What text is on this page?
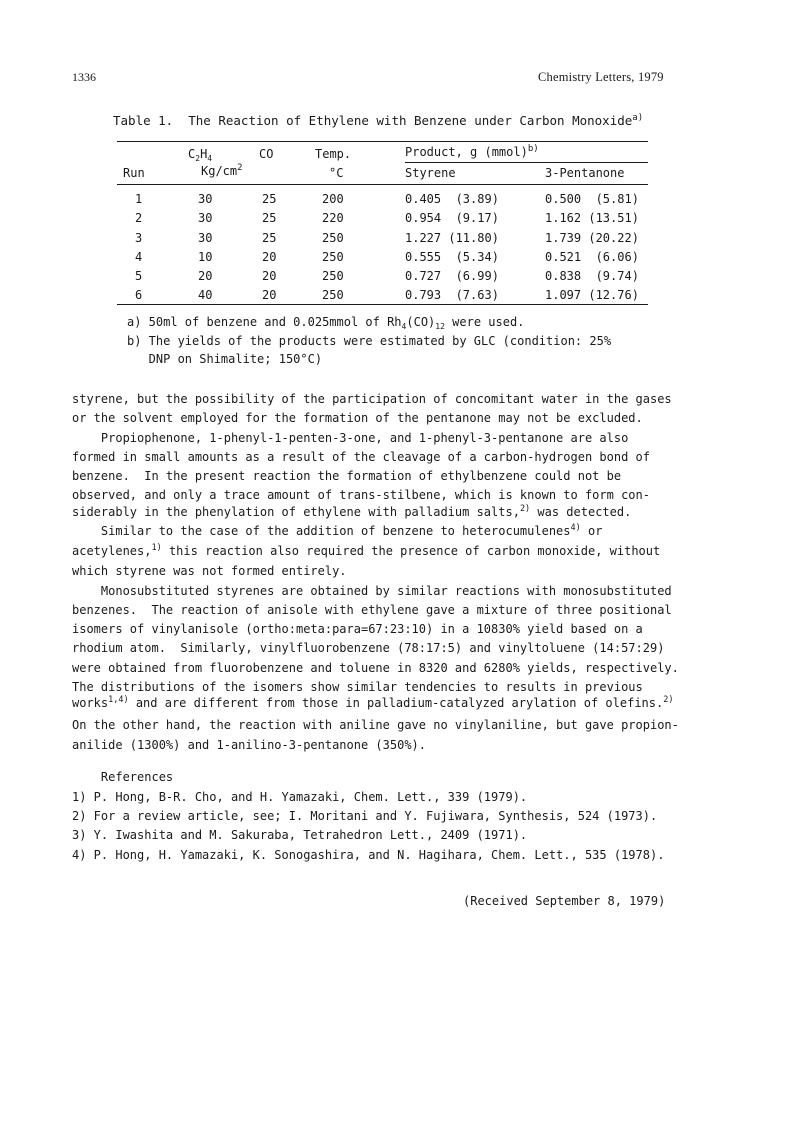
1336	Chemistry Letters, 1979
Table 1.  The Reaction of Ethylene with Benzene under Carbon Monoxide$^{a)}$
$C_2H_4$	CO	Temp.	Product, g (mmol)$^{b)}$
Run	$Kg/cm^2$	°C	Styrene	3-Pentanone
1	30	25	200	0.405  (3.89)	0.500  (5.81)
2	30	25	220	0.954  (9.17)	1.162 (13.51)
3	30	25	250	1.227 (11.80)	1.739 (20.22)
4	10	20	250	0.555  (5.34)	0.521  (6.06)
5	20	20	250	0.727  (6.99)	0.838  (9.74)
6	40	20	250	0.793  (7.63)	1.097 (12.76)
a) 50ml of benzene and 0.025mmol of $Rh_4(CO)_{12}$ were used.
b) The yields of the products were estimated by GLC (condition: 25%
DNP on Shimalite; 150°C)
styrene, but the possibility of the participation of concomitant water in the gases
or the solvent employed for the formation of the pentanone may not be excluded.
Propiophenone, 1-phenyl-1-penten-3-one, and 1-phenyl-3-pentanone are also
formed in small amounts as a result of the cleavage of a carbon-hydrogen bond of
benzene.  In the present reaction the formation of ethylbenzene could not be
observed, and only a trace amount of trans-stilbene, which is known to form con-
siderably in the phenylation of ethylene with palladium salts,$^{2)}$ was detected.
Similar to the case of the addition of benzene to heterocumulenes$^{4)}$ or
acetylenes,$^{1)}$ this reaction also required the presence of carbon monoxide, without
which styrene was not formed entirely.
Monosubstituted styrenes are obtained by similar reactions with monosubstituted
benzenes.  The reaction of anisole with ethylene gave a mixture of three positional
isomers of vinylanisole (ortho:meta:para=67:23:10) in a 10830% yield based on a
rhodium atom.  Similarly, vinylfluorobenzene (78:17:5) and vinyltoluene (14:57:29)
were obtained from fluorobenzene and toluene in 8320 and 6280% yields, respectively.
The distributions of the isomers show similar tendencies to results in previous
works$^{1,4)}$ and are different from those in palladium-catalyzed arylation of olefins.$^{2)}$
On the other hand, the reaction with aniline gave no vinylaniline, but gave propion-
anilide (1300%) and 1-anilino-3-pentanone (350%).
References
1) P. Hong, B-R. Cho, and H. Yamazaki, Chem. Lett., 339 (1979).
2) For a review article, see; I. Moritani and Y. Fujiwara, Synthesis, 524 (1973).
3) Y. Iwashita and M. Sakuraba, Tetrahedron Lett., 2409 (1971).
4) P. Hong, H. Yamazaki, K. Sonogashira, and N. Hagihara, Chem. Lett., 535 (1978).
(Received September 8, 1979)
